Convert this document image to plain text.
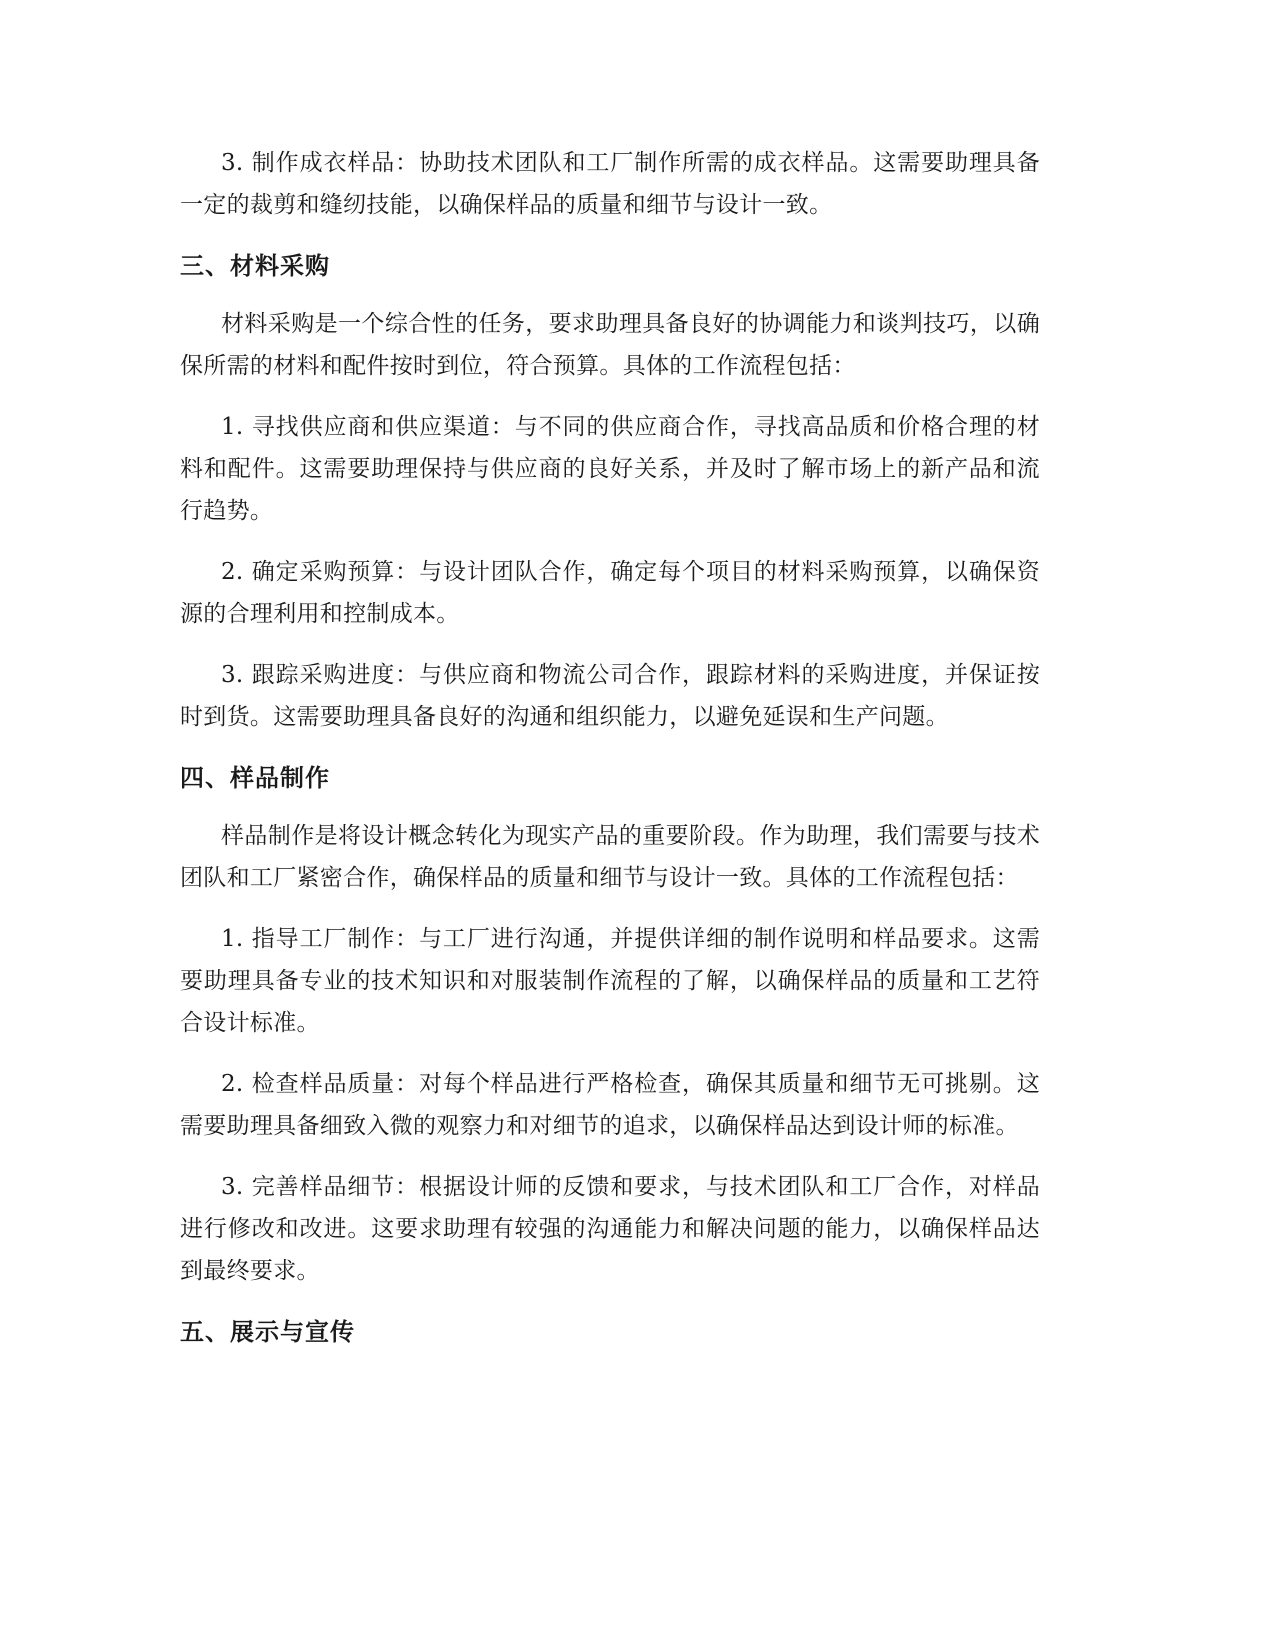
3. 制作成衣样品：协助技术团队和工厂制作所需的成衣样品。这需要助理具备一定的裁剪和缝纫技能，以确保样品的质量和细节与设计一致。

三、材料采购

材料采购是一个综合性的任务，要求助理具备良好的协调能力和谈判技巧，以确保所需的材料和配件按时到位，符合预算。具体的工作流程包括：

1. 寻找供应商和供应渠道：与不同的供应商合作，寻找高品质和价格合理的材料和配件。这需要助理保持与供应商的良好关系，并及时了解市场上的新产品和流行趋势。

2. 确定采购预算：与设计团队合作，确定每个项目的材料采购预算，以确保资源的合理利用和控制成本。

3. 跟踪采购进度：与供应商和物流公司合作，跟踪材料的采购进度，并保证按时到货。这需要助理具备良好的沟通和组织能力，以避免延误和生产问题。

四、样品制作

样品制作是将设计概念转化为现实产品的重要阶段。作为助理，我们需要与技术团队和工厂紧密合作，确保样品的质量和细节与设计一致。具体的工作流程包括：

1. 指导工厂制作：与工厂进行沟通，并提供详细的制作说明和样品要求。这需要助理具备专业的技术知识和对服装制作流程的了解，以确保样品的质量和工艺符合设计标准。

2. 检查样品质量：对每个样品进行严格检查，确保其质量和细节无可挑剔。这需要助理具备细致入微的观察力和对细节的追求，以确保样品达到设计师的标准。

3. 完善样品细节：根据设计师的反馈和要求，与技术团队和工厂合作，对样品进行修改和改进。这要求助理有较强的沟通能力和解决问题的能力，以确保样品达到最终要求。

五、展示与宣传
